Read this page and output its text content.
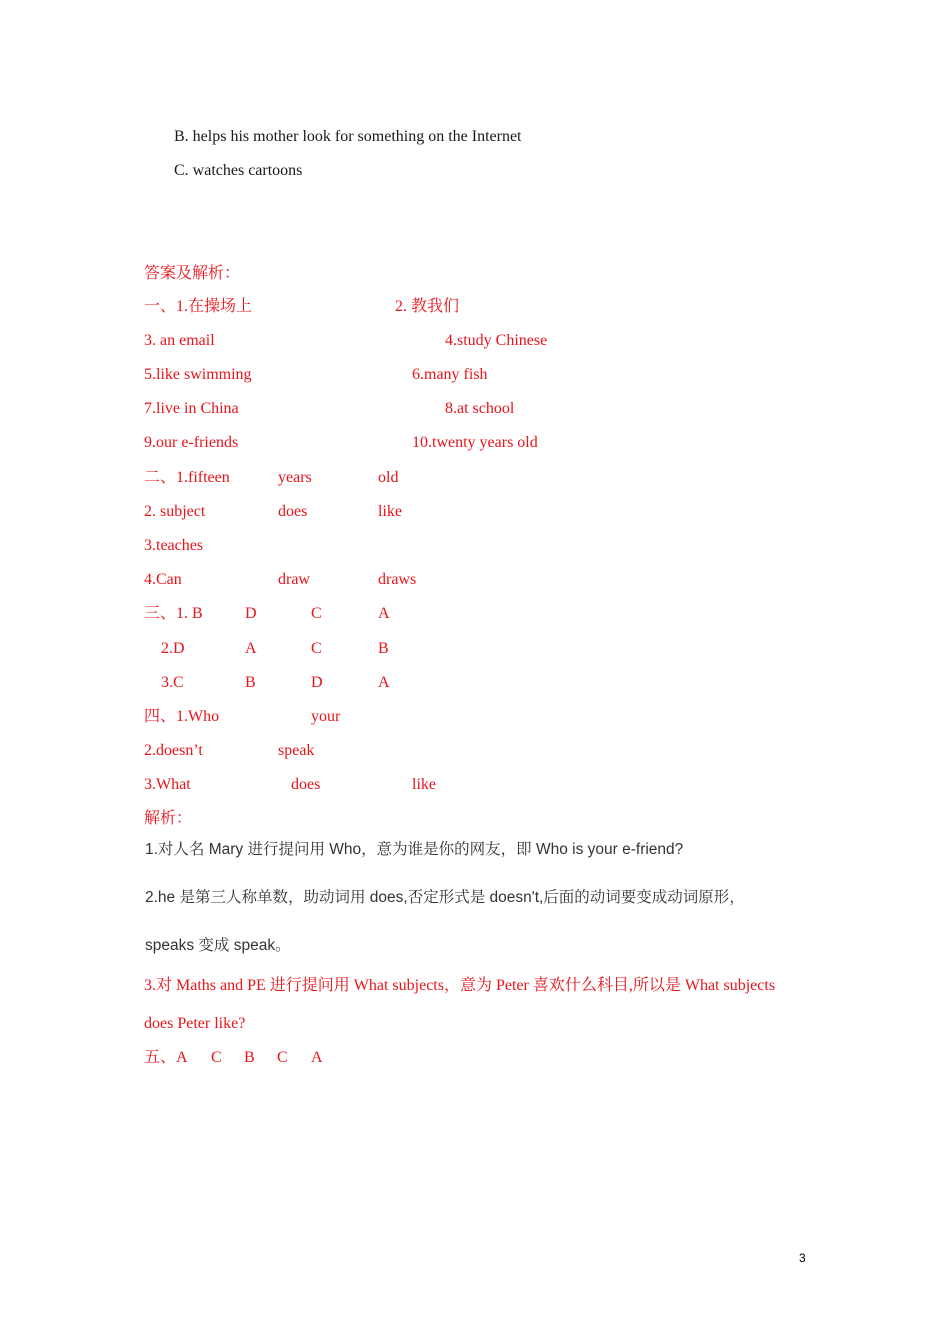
B. helps his mother look for something on the Internet
C. watches cartoons
答案及解析：
一、1.在操场上	2. 教我们
3. an email	4.study Chinese
5.like swimming	6.many fish
7.live in China	8.at school
9.our e-friends	10.twenty years old
二、1.fifteen	years	old
2. subject	does	like
3.teaches
4.Can	draw	draws
三、1. B	D	C	A
2.D	A	C	B
3.C	B	D	A
四、1.Who	your
2.doesn’t	speak
3.What	does	like
解析：
1.对人名 Mary 进行提问用 Who，意为谁是你的网友，即 Who is your e-friend?
2.he 是第三人称单数，助动词用 does,否定形式是 doesn't,后面的动词要变成动词原形，
speaks 变成 speak。
3.对 Maths and PE 进行提问用 What subjects，意为 Peter 喜欢什么科目,所以是 What subjects
does Peter like?
五、A C B C A
3
